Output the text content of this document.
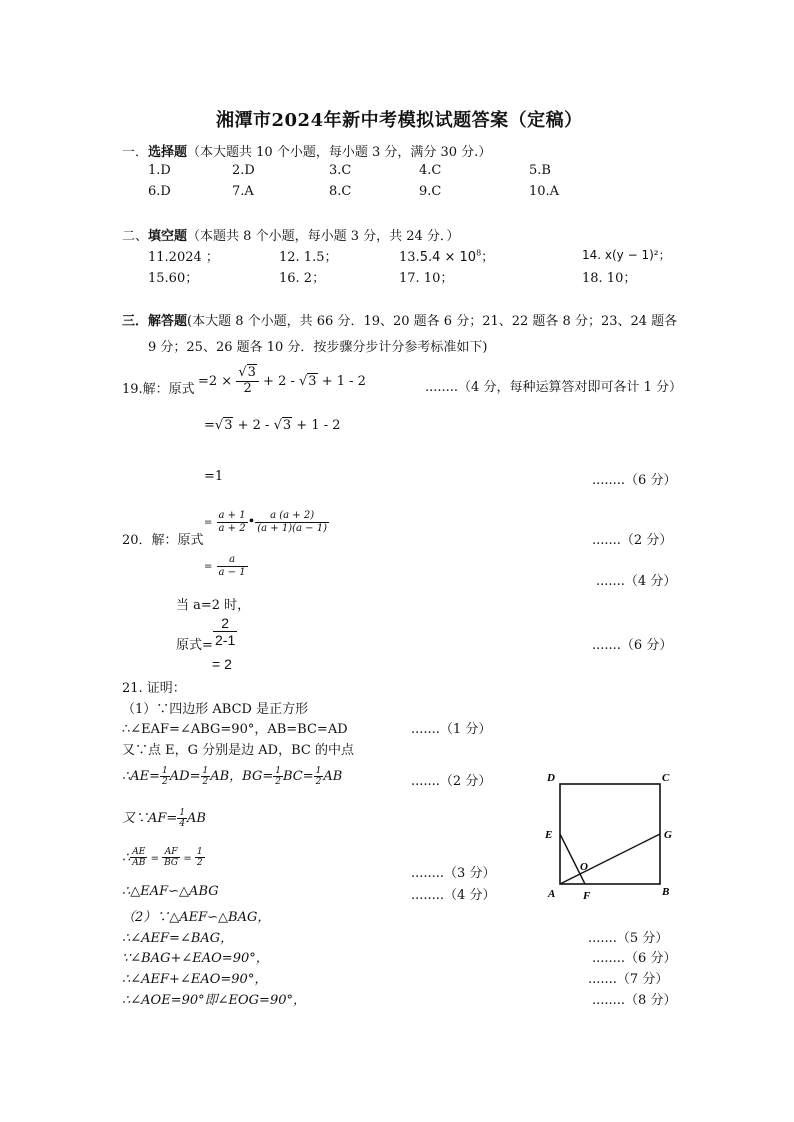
湘潭市2024年新中考模拟试题答案（定稿）
一．选择题（本大题共 10 个小题，每小题 3 分，满分 30 分.）
1.D	2.D	3.C	4.C	5.B
6.D	7.A	8.C	9.C	10.A
二、填空题（本题共 8 个小题，每小题 3 分，共 24 分．）
11.2024 ；	12. 1.5；	$13.5.4 \times 10^8$；	14. x(y − 1)²；
15.60；	16. 2；	17. 10；	18. 10；
三．解答题(本大题 8 个小题，共 66 分．19、20 题各 6 分；21、22 题各 8 分；23、24 题各
9 分；25、26 题各 10 分．按步骤分步计分参考标准如下)
19.解：原式
$=2 \times \frac{√3}{2} + 2 - √3 + 1 - 2$	........（4 分，每种运算答对即可各计 1 分）
=√3 + 2 - √3 + 1 - 2
=1	........（6 分）
20．解：原式
= $\frac{a + 1}{a + 2}$ • $\frac{a (a + 2)}{(a + 1)(a - 1)}$
.......（2 分）
= $\frac{a}{a - 1}$
.......（4 分）
当 a=2 时，
原式= $\frac{2}{2-1}$
= 2
.......（6 分）
21. 证明：
（1）∵四边形 ABCD 是正方形
∴∠EAF=∠ABG=90°，AB=BC=AD	.......（1 分）
又∵点 E，G 分别是边 AD，BC 的中点
∴AE= $\frac{1}{2} AD= \frac{1}{2}$ AB，$BG= \frac{1}{2} BC= \frac{1}{2}$ AB	.......（2 分）
又∵AF= $\frac{1}{4}$ AB
∴ $\frac{AE}{AB} = \frac{AF}{BG} = \frac{1}{2}$
........（3 分）
∴△EAF∽△ABG	........（4 分）
（2）∵△AEF∽△BAG，
∴∠AEF=∠BAG，	.......（5 分）
∵∠BAG+∠EAO=90°，	........（6 分）
∴∠AEF+∠EAO=90°，	.......（7 分）
∴∠AOE=90°即∠EOG=90°，	........（8 分）
D	C
E	G
O
A	F	B
